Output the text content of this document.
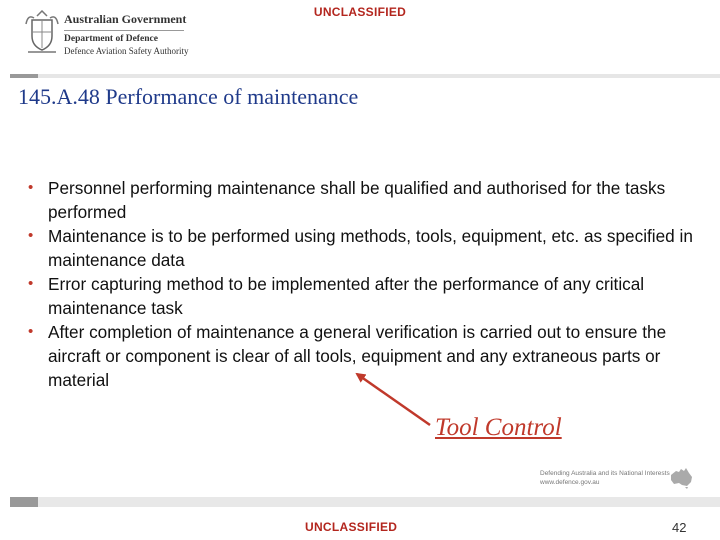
UNCLASSIFIED
Australian Government
Department of Defence
Defence Aviation Safety Authority
145.A.48 Performance of maintenance
• Personnel performing maintenance shall be qualified and authorised for the tasks performed
• Maintenance is to be performed using methods, tools, equipment, etc. as specified in maintenance data
• Error capturing method to be implemented after the performance of any critical maintenance task
• After completion of maintenance a general verification is carried out to ensure the aircraft or component is clear of all tools, equipment and any extraneous parts or material
Tool Control
Defending Australia and its National Interests
www.defence.gov.au
UNCLASSIFIED	42
